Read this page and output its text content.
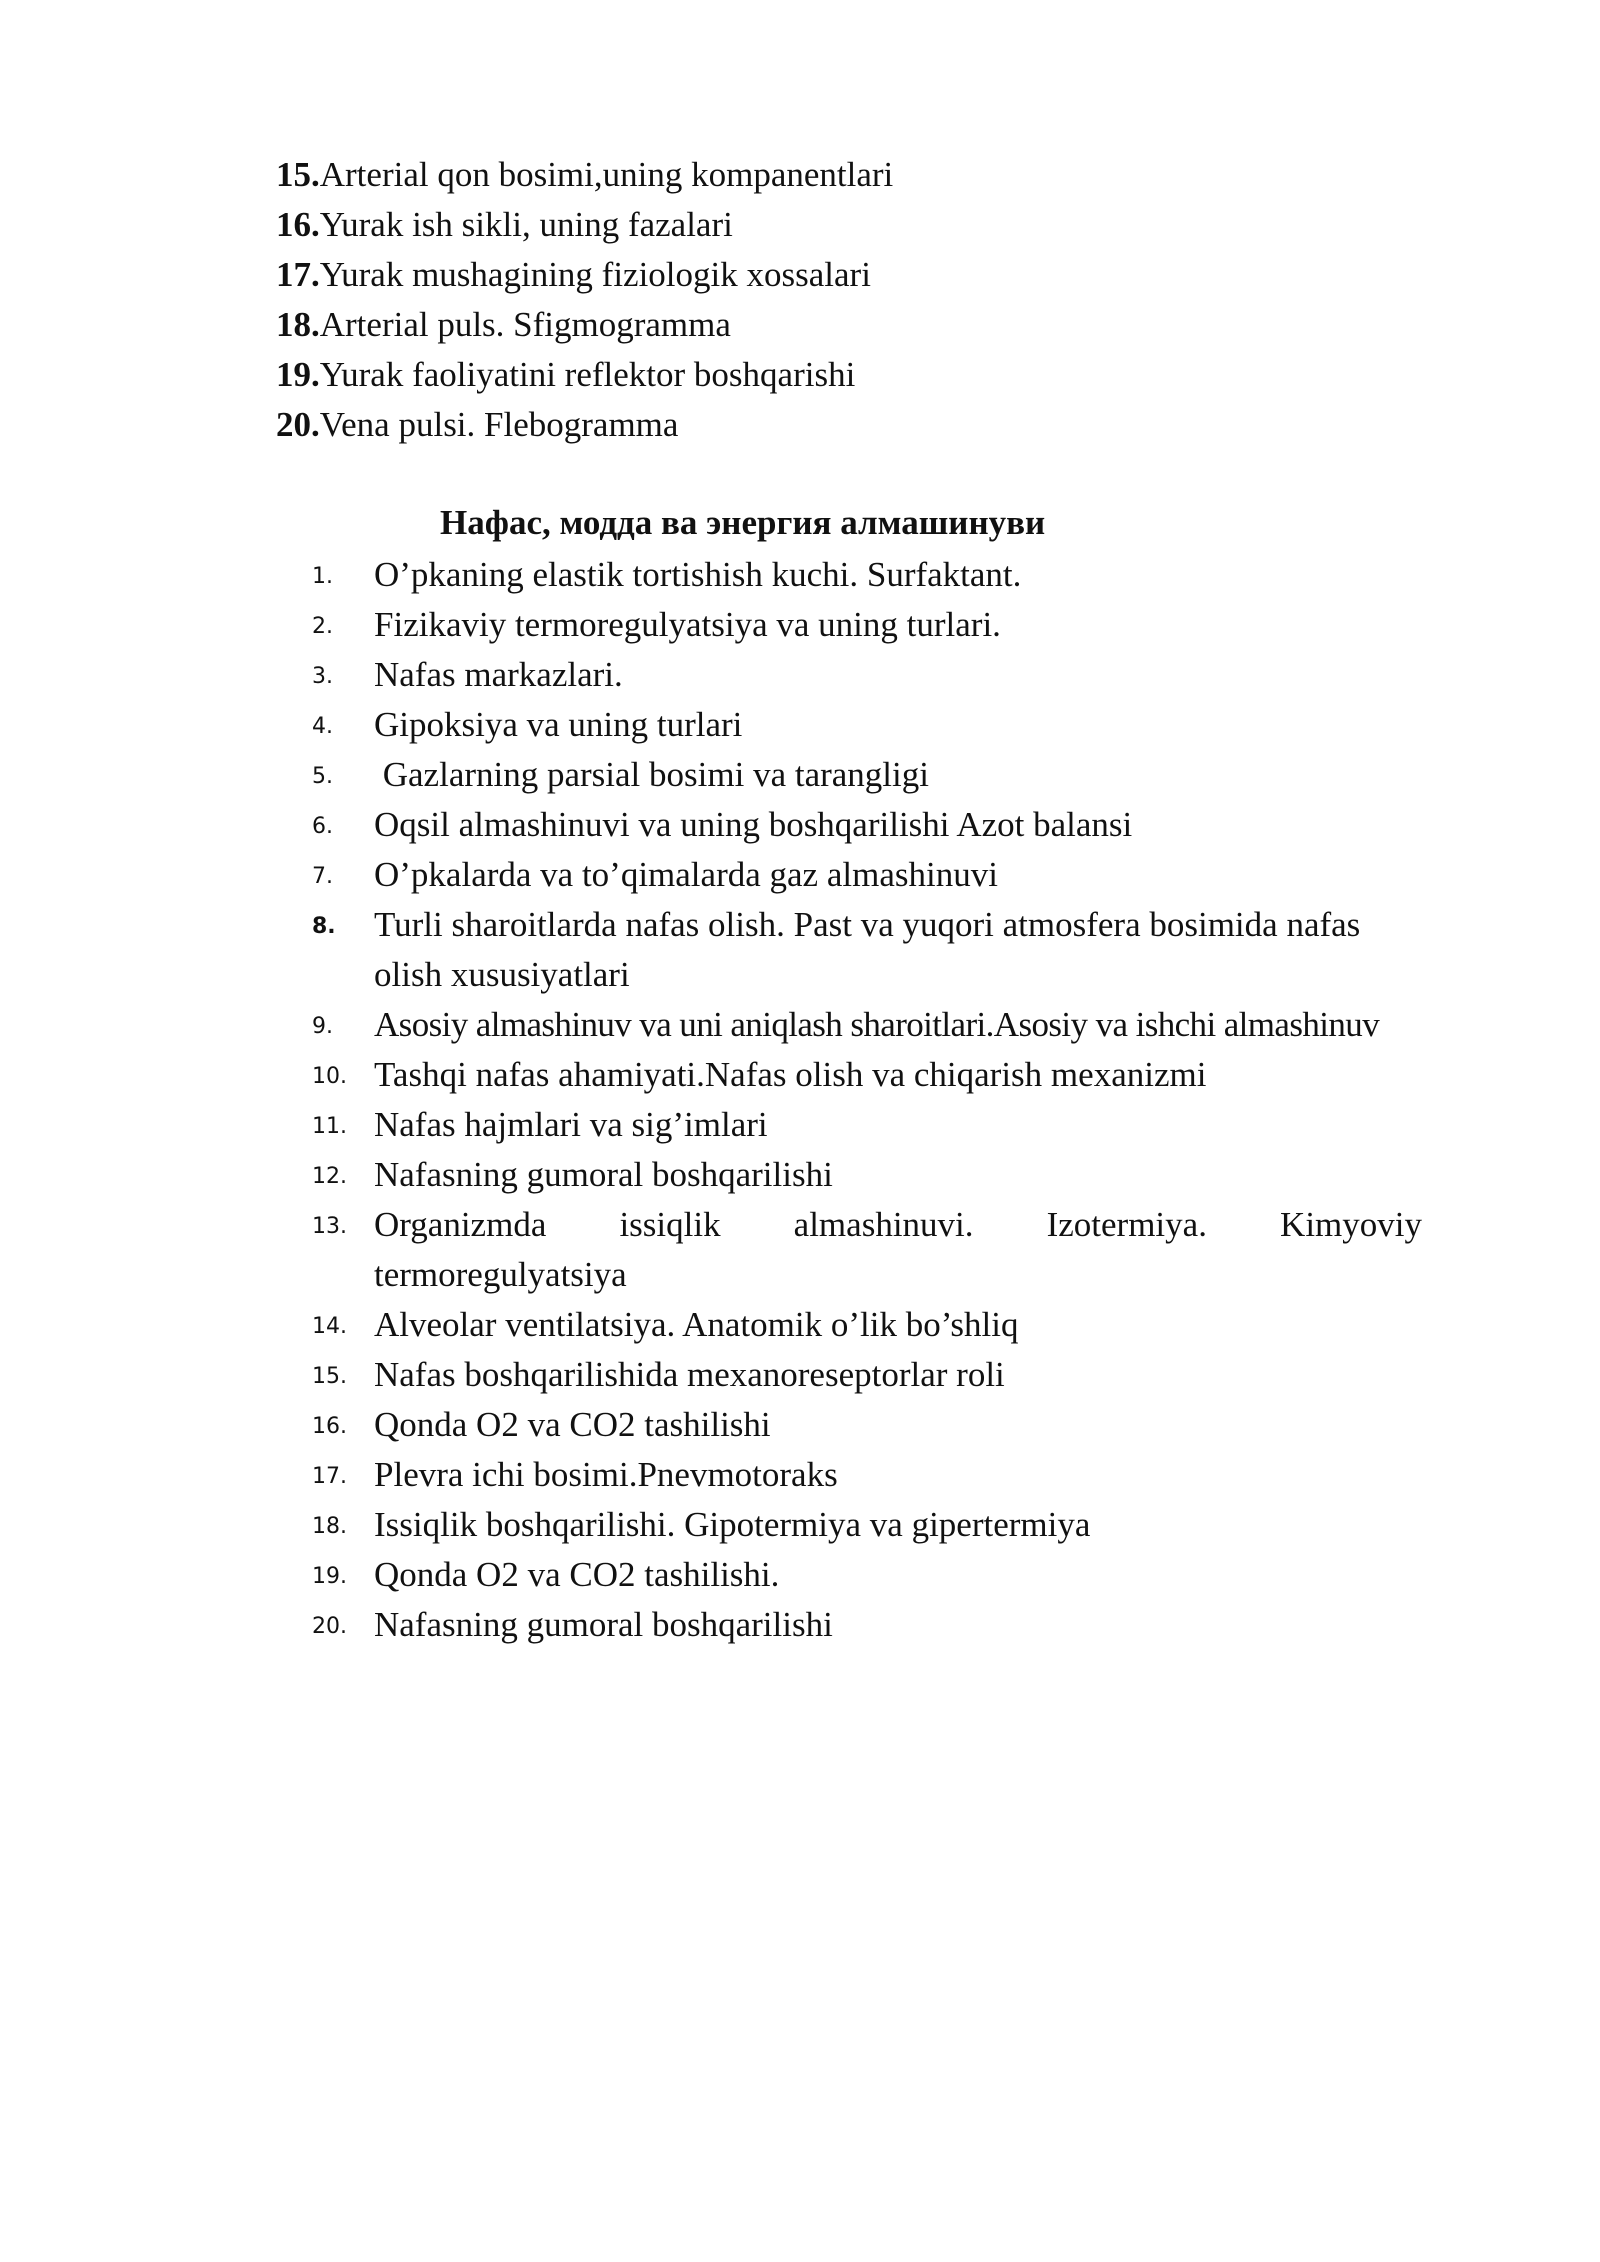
15.Arterial qon bosimi,uning kompanentlari
16.Yurak ish sikli, uning fazalari
17.Yurak mushagining fiziologik xossalari
18.Arterial puls. Sfigmogramma
19.Yurak faoliyatini reflektor boshqarishi
20.Vena pulsi. Flebogramma
Нафас, модда ва энергия алмашинуви
1.	O’pkaning elastik tortishish kuchi. Surfaktant.
2.	Fizikaviy termoregulyatsiya va uning turlari.
3.	Nafas markazlari.
4.	Gipoksiya va uning turlari
5.	Gazlarning parsial bosimi va tarangligi
6.	Oqsil almashinuvi va uning boshqarilishi Azot balansi
7.	O’pkalarda va to’qimalarda gaz almashinuvi
8.	Turli sharoitlarda nafas olish. Past va yuqori atmosfera bosimida nafas olish xususiyatlari
9.	Asosiy almashinuv va uni aniqlash sharoitlari.Asosiy va ishchi almashinuv
10. Tashqi nafas ahamiyati.Nafas olish va chiqarish mexanizmi
11. Nafas hajmlari va sig’imlari
12. Nafasning gumoral boshqarilishi
13. Organizmda issiqlik almashinuvi. Izotermiya. Kimyoviy termoregulyatsiya
14. Alveolar ventilatsiya. Anatomik o’lik bo’shliq
15. Nafas boshqarilishida mexanoreseptorlar roli
16. Qonda O2 va CO2 tashilishi
17. Plevra ichi bosimi.Pnevmotoraks
18. Issiqlik boshqarilishi. Gipotermiya va gipertermiya
19. Qonda O2 va CO2 tashilishi.
20. Nafasning gumoral boshqarilishi
